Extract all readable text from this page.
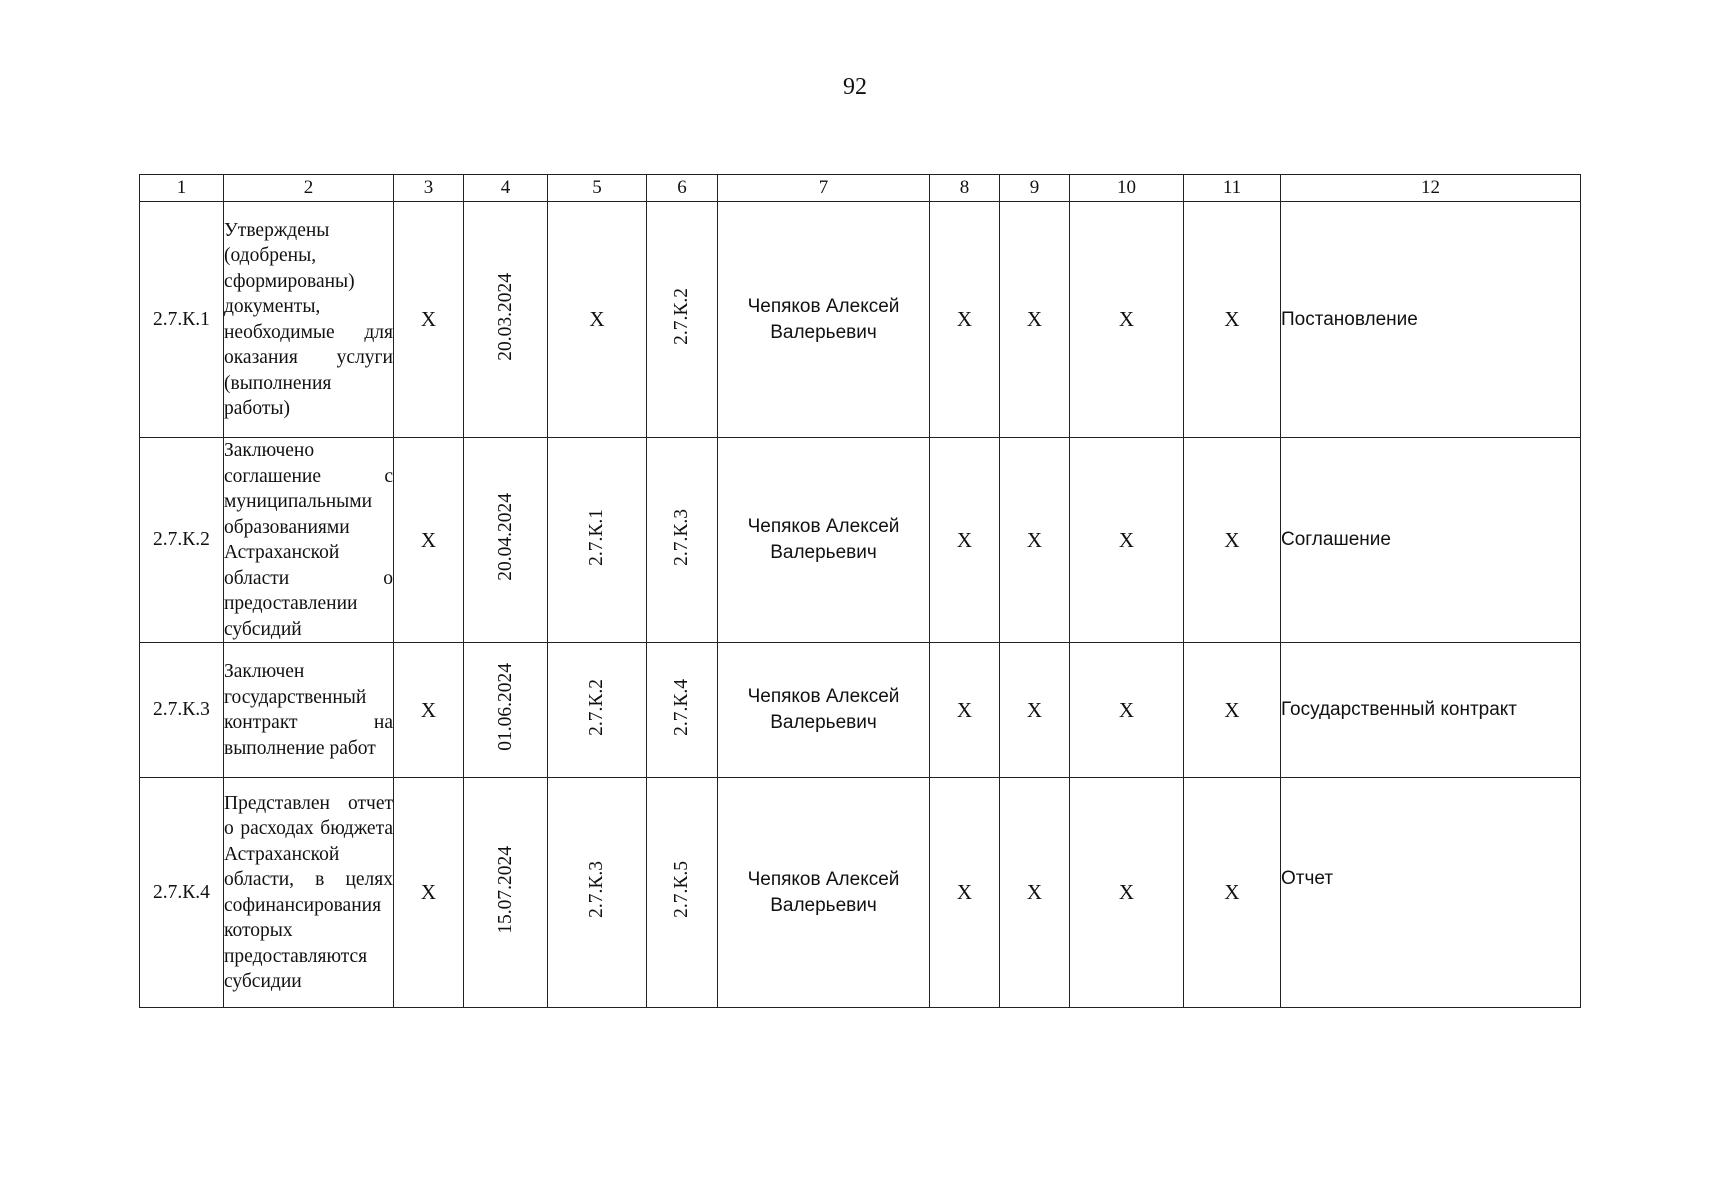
92
1	2	3	4	5	6	7	8	9	10	11	12
2.7.К.1	Утверждены (одобрены, сформированы) документы, необходимые для оказания услуги (выполнения работы)	Х	20.03.2024	Х	2.7.К.2	Чепяков Алексей Валерьевич	Х	Х	Х	Х	Постановление
2.7.К.2	Заключено соглашение с муниципальными образованиями Астраханской области о предоставлении субсидий	Х	20.04.2024	2.7.К.1	2.7.К.3	Чепяков Алексей Валерьевич	Х	Х	Х	Х	Соглашение
2.7.К.3	Заключен государственный контракт на выполнение работ	Х	01.06.2024	2.7.К.2	2.7.К.4	Чепяков Алексей Валерьевич	Х	Х	Х	Х	Государственный контракт
2.7.К.4	Представлен отчет о расходах бюджета Астраханской области, в целях софинансирования которых предоставляются субсидии	Х	15.07.2024	2.7.К.3	2.7.К.5	Чепяков Алексей Валерьевич	Х	Х	Х	Х	Отчет
